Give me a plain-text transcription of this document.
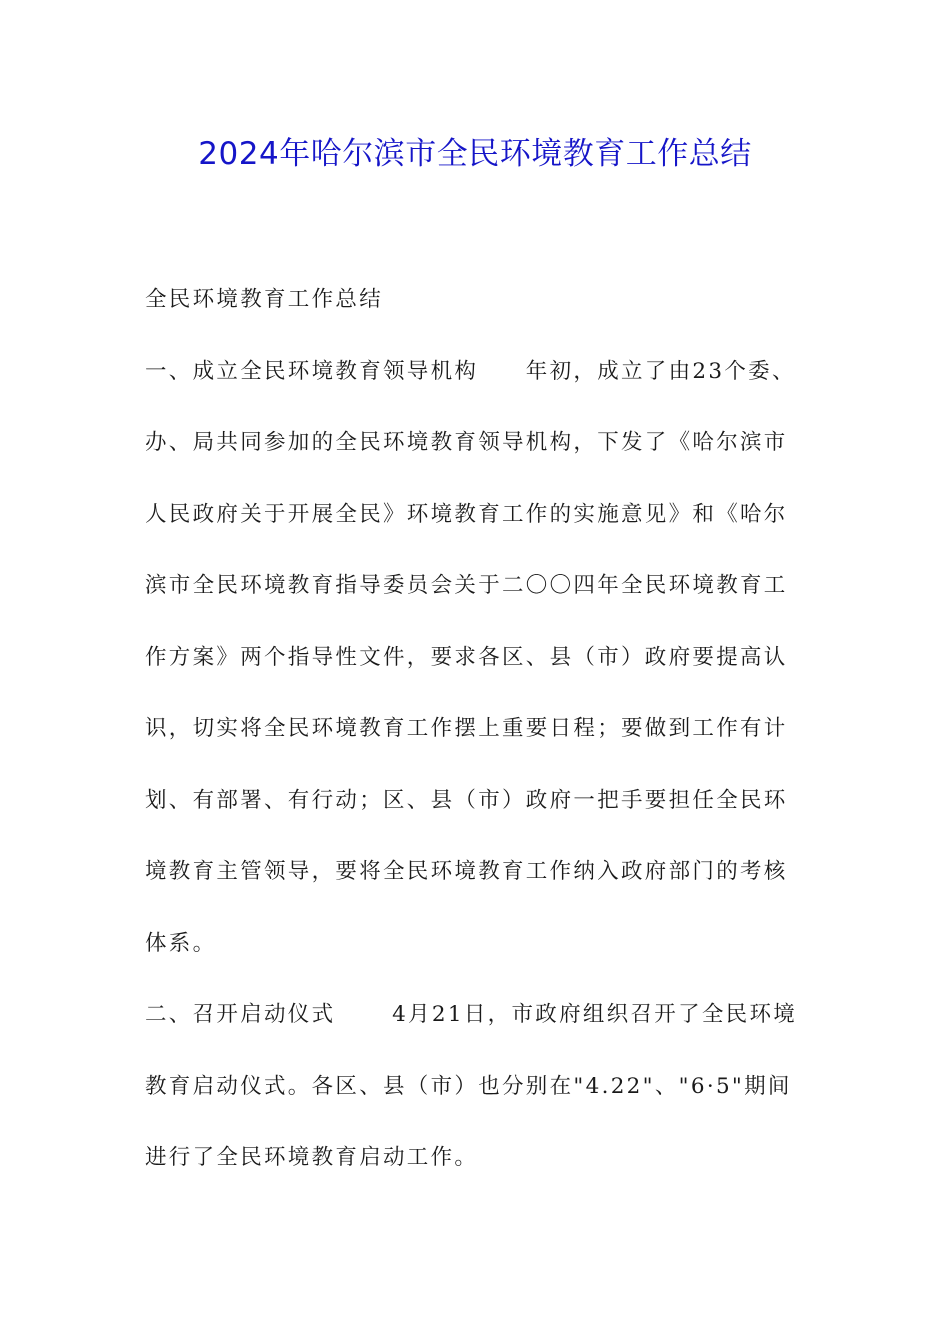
2024年哈尔滨市全民环境教育工作总结
全民环境教育工作总结
一、成立全民环境教育领导机构　　年初，成立了由23个委、
办、局共同参加的全民环境教育领导机构，下发了《哈尔滨市
人民政府关于开展全民》环境教育工作的实施意见》和《哈尔
滨市全民环境教育指导委员会关于二〇〇四年全民环境教育工
作方案》两个指导性文件，要求各区、县（市）政府要提高认
识，切实将全民环境教育工作摆上重要日程；要做到工作有计
划、有部署、有行动；区、县（市）政府一把手要担任全民环
境教育主管领导，要将全民环境教育工作纳入政府部门的考核
体系。
二、召开启动仪式　　 4月21日，市政府组织召开了全民环境
教育启动仪式。各区、县（市）也分别在"4.22"、"6·5"期间
进行了全民环境教育启动工作。
